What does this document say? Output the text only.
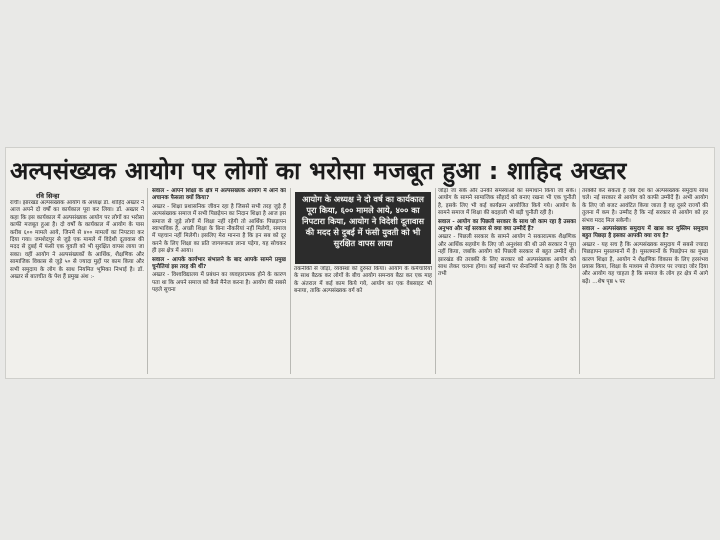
अल्पसंख्यक आयोग पर लोगों का भरोसा मजबूत हुआ : शाहिद अख्तर
रवि सिन्हा

रांची। झारखंड अल्पसंख्यक आयोग के अध्यक्ष डॉ. शाहिद अख्तर ने आज अपने दो वर्षों का कार्यकाल पूरा कर लिया। डॉ. अख्तर ने कहा कि इस कार्यकाल में अल्पसंख्यक आयोग पर लोगों का भरोसा काफी मजबूत हुआ है। दो वर्षों के कार्यकाल में आयोग के पास करीब ६०० मामले आये, जिनमें से ४०० मामलों का निपटारा कर दिया गया। जमशेदपुर से जुड़े एक मामले में विदेशी दूतावास की मदद से दुबई में फंसी एक युवती को भी सुरक्षित वापस लाया जा सका। वहीं आयोग ने अल्पसंख्यकों के आर्थिक, शैक्षणिक और सामाजिक विकास से जुड़े ५० से ज्यादा मुद्दों पर काम किया और सभी समुदाय के लोग के साथ नियमित भूमिका निभाई है। डॉ. अख्तर से बातचीत के पेश हैं प्रमुख अंश :-

सवाल - आपने शिक्षा के क्षेत्र में अल्पसंख्यक आयोग में आने का अचानक फैसला क्यों किया?

अख्तर - शिक्षा प्रशासनिक जीवन रहा है जिससे सभी तरह जुड़े हैं अल्पसंख्यक समाज में सभी पिछड़ेपन का निदान शिक्षा है आज इस समाज से जुड़े लोगों में शिक्षा नहीं रहेगी तो आर्थिक पिछड़ापन स्वाभाविक है, अच्छी शिक्षा के बिना नौकरियां नहीं मिलेगी, समाज में पहचान नहीं मिलेगी। इसलिए मेरा मानना है कि इन सब को दूर करने के लिए शिक्षा का प्रति जागरूकता लाना पड़ेगा, यह सोचकर ही इस क्षेत्र में आया।

सवाल - आपके कार्यभार संभालने के बाद आपके सामने प्रमुख चुनौतियां इस तरह की थीं?

अख्तर - विश्वविद्यालय में प्रबंधन का व्यवहारात्मक होने के कारण पता था कि अपने समाज को कैसे मैनेज करना है। आयोग की सबसे पहले सूचना

आयोग के अध्यक्ष ने दो वर्ष का कार्यकाल पूरा किया, ६०० मामले आये, ४०० का निपटारा किया, आयोग ने विदेशी दूतावास की मदद से दुबई में फंसी युवती को भी सुरक्षित वापस लाया

तकनीकी से जोड़ा, व्यवस्था को दुरुस्त किया। आयोग के कर्मचारियों के साथ बैठक कर लोगों के बीच आयोग समन्वय बैठा कर एक माह के अंतराल में कई काम किये गये, आयोग का एक वेबसाइट भी बनाया, ताकि अल्पसंख्यक वर्ग को

जोड़ा जा सके और उनकी समस्याओं का समाधान किया जा सके। आयोग के सामने सामाजिक सौहार्द को बनाए रखना भी एक चुनौती है, इसके लिए भी कई कार्यक्रम आयोजित किये गये। आयोग के सामने समाज में शिक्षा की बदहाली भी बड़ी चुनौती रही है।

सवाल - आयोग का पिछली सरकार के साथ जो काम रहा है उसका अनुभव और नई सरकार से क्या क्या उम्मीदें हैं?

अख्तर - पिछली सरकार के सामने आयोग ने सकारात्मक शैक्षणिक और आर्थिक सहयोग के लिए जो अनुशंसा की थी उसे सरकार ने पूरा नहीं किया, जबकि आयोग को पिछली सरकार से बहुत उम्मीदें थीं। झारखंड की तरक्की के लिए सरकार को अल्पसंख्यक आयोग को साथ लेकर चलना होगा। कई स्थानों पर सेनानियों ने कहा है कि देश तभी

तरक्की कर सकता है जब देश का अल्पसंख्यक समुदाय साथ चले। नई सरकार से आयोग को काफी उम्मीदें हैं। अभी आयोग के लिए जो बजट आवंटित किया जाता है वह दूसरे राज्यों की तुलना में कम है। उम्मीद है कि नई सरकार से आयोग को हर संभव मदद मिल सकेगी।

सवाल - अल्पसंख्यक समुदाय में खास कर मुस्लिम समुदाय बहुत पिछड़ा है इसका आपकी क्या राय है?

अख्तर - यह सच है कि अल्पसंख्यक समुदाय में सबसे ज्यादा पिछड़ापन मुसलमानों में है। मुसलमानों के पिछड़ेपन का मुख्य कारण शिक्षा है, आयोग ने शैक्षणिक विकास के लिए हरसंभव प्रयास किया, शिक्षा के माध्यम से रोजगार पर ज्यादा जोर दिया और आयोग यह चाहता है कि समाज के लोग हर क्षेत्र में आगे बढ़ें। ...शेष पृष्ठ ५ पर
